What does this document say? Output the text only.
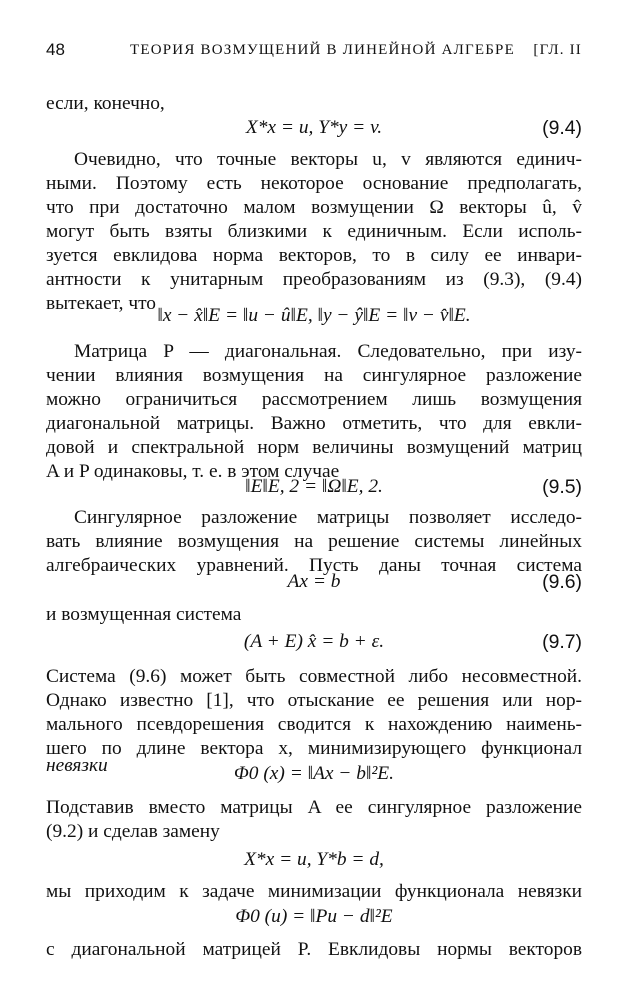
48	ТЕОРИЯ ВОЗМУЩЕНИЙ В ЛИНЕЙНОЙ АЛГЕБРЕ [ГЛ. II
если, конечно,
X*x = u, Y*y = v.	(9.4)
Очевидно, что точные векторы u, v являются единич-
ными. Поэтому есть некоторое основание предполагать,
что при достаточно малом возмущении Ω векторы û, v̂
могут быть взяты близкими к единичным. Если исполь-
зуется евклидова норма векторов, то в силу ее инвари-
антности к унитарным преобразованиям из (9.3), (9.4)
вытекает, что
‖x − x̂‖E = ‖u − û‖E, ‖y − ŷ‖E = ‖v − v̂‖E.
Матрица P — диагональная. Следовательно, при изу-
чении влияния возмущения на сингулярное разложение
можно ограничиться рассмотрением лишь возмущения
диагональной матрицы. Важно отметить, что для евкли-
довой и спектральной норм величины возмущений матриц
A и P одинаковы, т. е. в этом случае
‖E‖E, 2 = ‖Ω‖E, 2.	(9.5)
Сингулярное разложение матрицы позволяет исследо-
вать влияние возмущения на решение системы линейных
алгебраических уравнений. Пусть даны точная система
Ax = b	(9.6)
и возмущенная система
(A + E) x̂ = b + ε.	(9.7)
Система (9.6) может быть совместной либо несовместной.
Однако известно [1], что отыскание ее решения или нор-
мального псевдорешения сводится к нахождению наимень-
шего по длине вектора x, минимизирующего функционал
невязки	Φ0 (x) = ‖Ax − b‖²E.
Подставив вместо матрицы A ее сингулярное разложение
(9.2) и сделав замену
X*x = u, Y*b = d,
мы приходим к задаче минимизации функционала невязки
Φ0 (u) = ‖Pu − d‖²E
с диагональной матрицей P. Евклидовы нормы векторов
